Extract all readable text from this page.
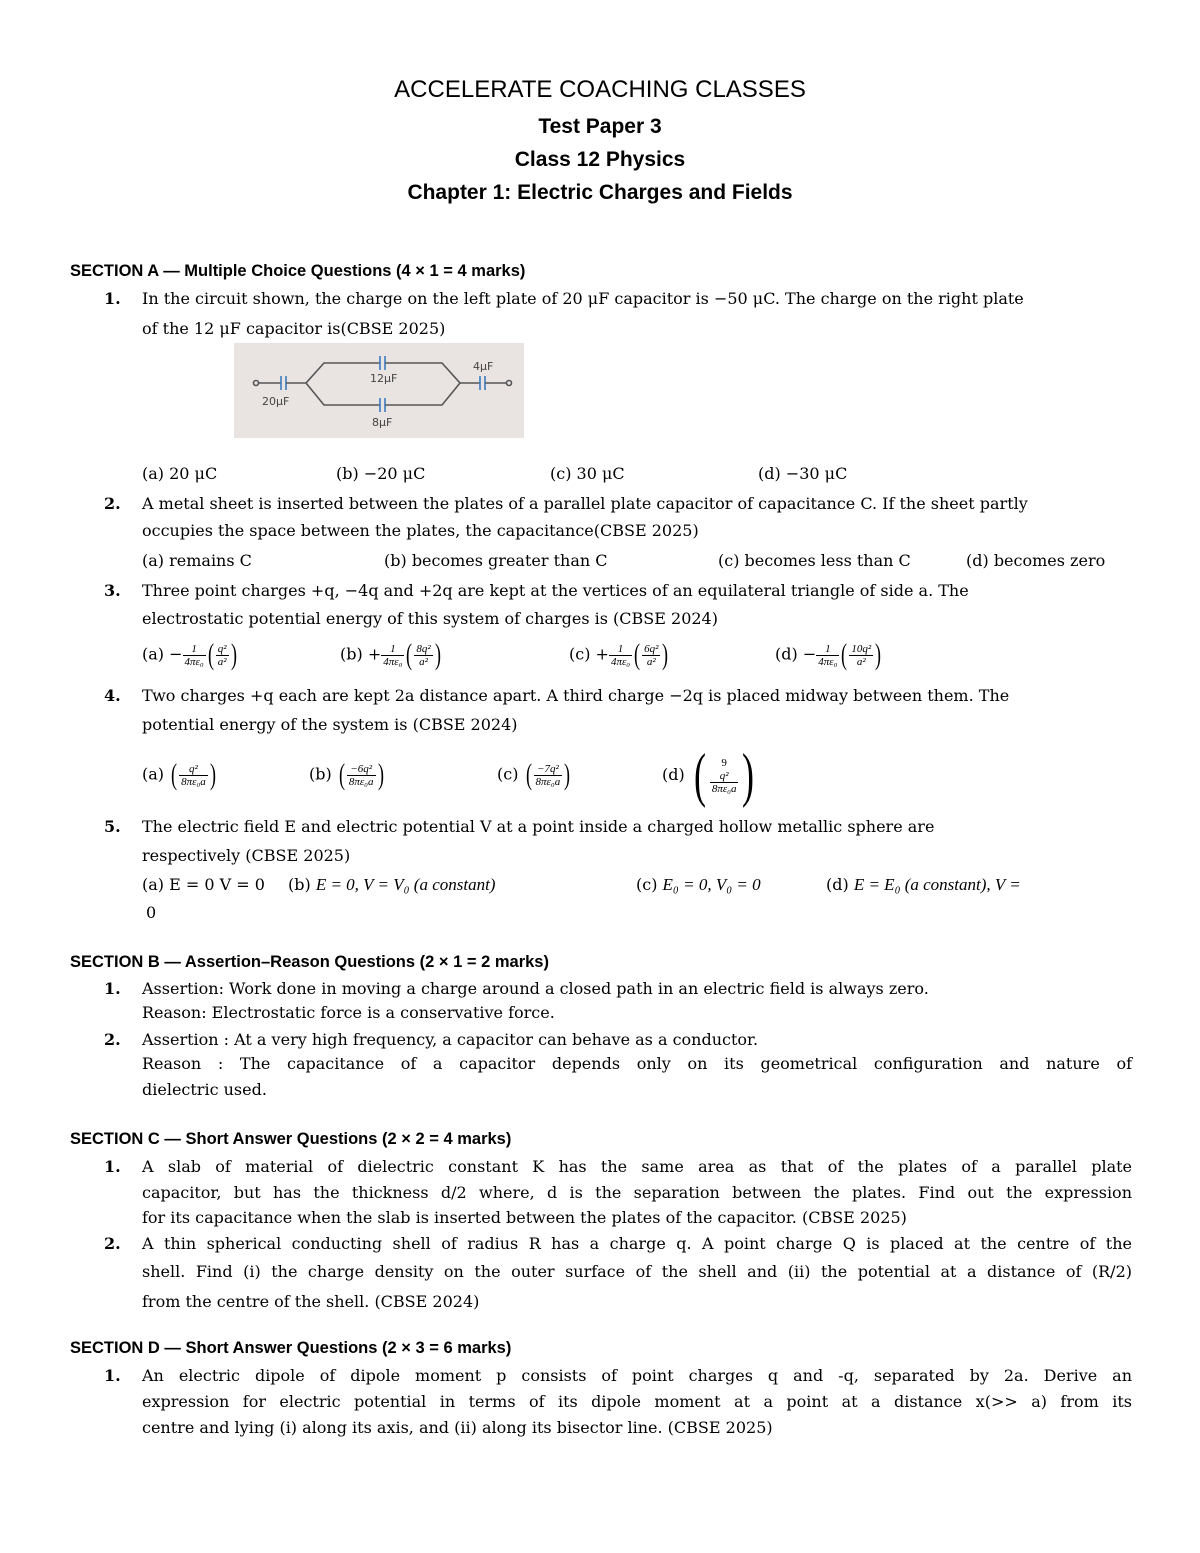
ACCELERATE COACHING CLASSES
Test Paper 3
Class 12 Physics
Chapter 1: Electric Charges and Fields
SECTION A — Multiple Choice Questions (4 × 1 = 4 marks)
1. In the circuit shown, the charge on the left plate of 20 μF capacitor is −50 μC. The charge on the right plate
of the 12 μF capacitor is(CBSE 2025)
20μF
12μF
8μF
4μF
(a) 20 μC	(b) −20 μC	(c) 30 μC	(d) −30 μC
2. A metal sheet is inserted between the plates of a parallel plate capacitor of capacitance C. If the sheet partly
occupies the space between the plates, the capacitance(CBSE 2025)
(a) remains C	(b) becomes greater than C	(c) becomes less than C	(d) becomes zero
3. Three point charges +q, −4q and +2q are kept at the vertices of an equilateral triangle of side a. The
electrostatic potential energy of this system of charges is (CBSE 2024)
$(a) - \frac{1}{\text{4πε₀}}$ ( $\frac{\text{q²}}{\text{a²}}$ )	$(b) + \frac{1}{\text{4πε₀}}$ ( $\frac{\text{8q²}}{\text{a²}}$ )	$(c) + \frac{1}{\text{4πε₀}}$ ( $\frac{\text{6q²}}{\text{a²}}$ )	$(d) - \frac{1}{\text{4πε₀}}$ ( $\frac{\text{10q²}}{\text{a²}}$ )
4. Two charges +q each are kept 2a distance apart. A third charge −2q is placed midway between them. The
potential energy of the system is (CBSE 2024)
(a) ( $\frac{\text{q²}}{\text{8πε₀a}}$ )	(b) ( $\frac{\text{−6q²}}{\text{8πε₀a}}$ )	(c) ( $\frac{\text{−7q²}}{\text{8πε₀a}}$ )	(d) (	9
q²
8πε₀a )
5. The electric field E and electric potential V at a point inside a charged hollow metallic sphere are
respectively (CBSE 2025)
(a) E = 0 V = 0 (b) E = 0, V = V₀ (a constant)	(c) E₀ = 0, V₀ = 0	(d) E = E₀ (a constant), V =
0
SECTION B — Assertion–Reason Questions (2 × 1 = 2 marks)
1. Assertion: Work done in moving a charge around a closed path in an electric field is always zero.
Reason: Electrostatic force is a conservative force.
2. Assertion : At a very high frequency, a capacitor can behave as a conductor.
Reason : The capacitance of a capacitor depends only on its geometrical configuration and nature of
dielectric used.
SECTION C — Short Answer Questions (2 × 2 = 4 marks)
1. A slab of material of dielectric constant K has the same area as that of the plates of a parallel plate
capacitor, but has the thickness d/2 where, d is the separation between the plates. Find out the expression
for its capacitance when the slab is inserted between the plates of the capacitor. (CBSE 2025)
2. A thin spherical conducting shell of radius R has a charge q. A point charge Q is placed at the centre of the
shell. Find (i) the charge density on the outer surface of the shell and (ii) the potential at a distance of (R/2)
from the centre of the shell. (CBSE 2024)
SECTION D — Short Answer Questions (2 × 3 = 6 marks)
1. An electric dipole of dipole moment p consists of point charges q and -q, separated by 2a. Derive an
expression for electric potential in terms of its dipole moment at a point at a distance x(>> a) from its
centre and lying (i) along its axis, and (ii) along its bisector line. (CBSE 2025)
